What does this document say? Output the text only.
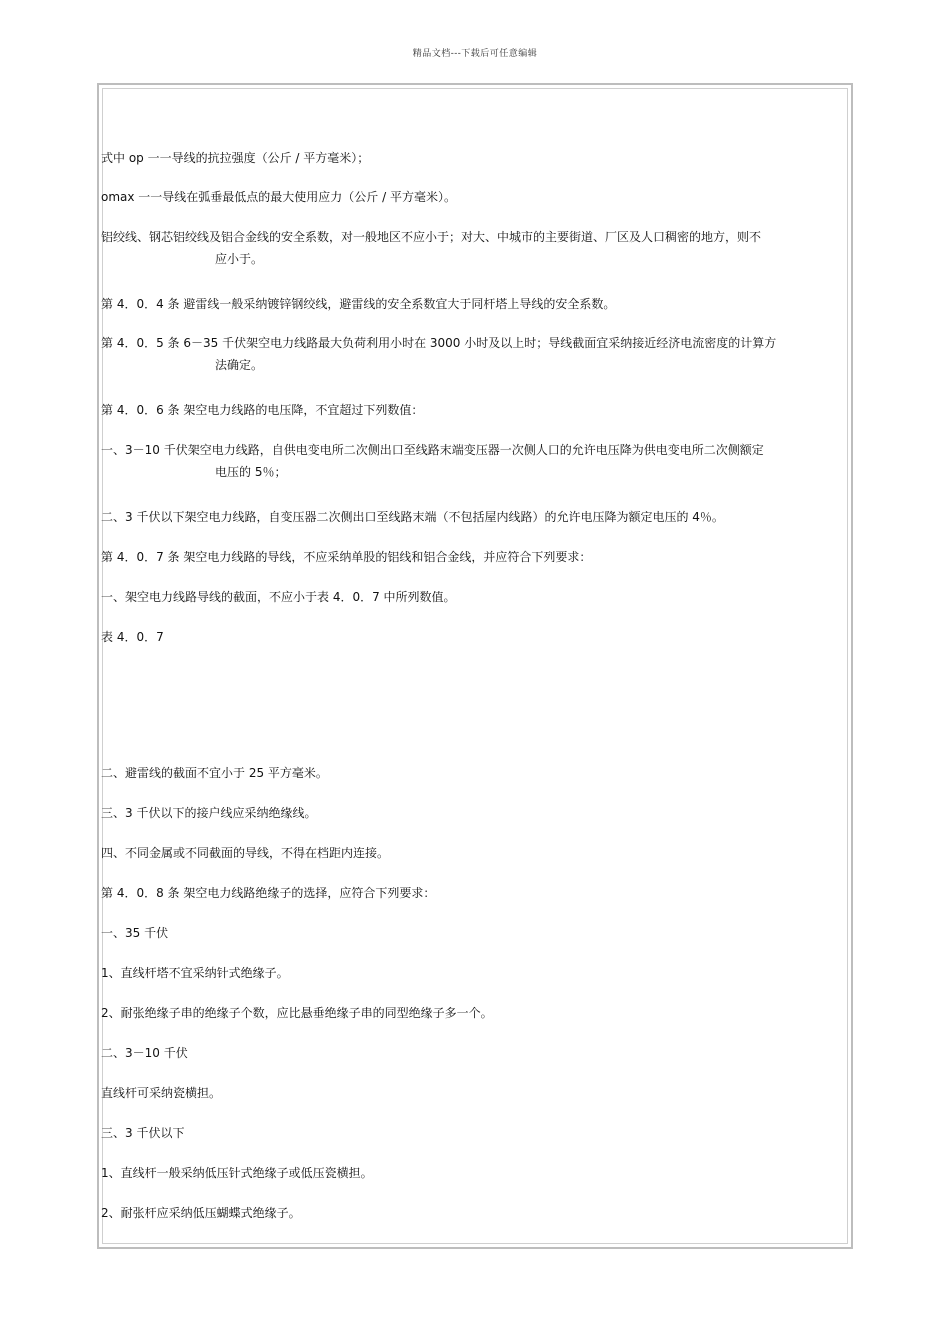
精品文档---下载后可任意编辑
式中 op 一一导线的抗拉强度（公斤 / 平方毫米）；
omax 一一导线在弧垂最低点的最大使用应力（公斤 / 平方毫米）。
铝绞线、钢芯铝绞线及铝合金线的安全系数，对一般地区不应小于；对大、中城市的主要街道、厂区及人口稠密的地方，则不
应小于。
第 4．0．4 条 避雷线一般采纳镀锌钢绞线，避雷线的安全系数宜大于同杆塔上导线的安全系数。
第 4．0．5 条 6－35 千伏架空电力线路最大负荷利用小时在 3000 小时及以上时；导线截面宜采纳接近经济电流密度的计算方
法确定。
第 4．0．6 条 架空电力线路的电压降，不宜超过下列数值：
一、3－10 千伏架空电力线路，自供电变电所二次侧出口至线路末端变压器一次侧人口的允许电压降为供电变电所二次侧额定
电压的 5％；
二、3 千伏以下架空电力线路，自变压器二次侧出口至线路末端（不包括屋内线路）的允许电压降为额定电压的 4％。
第 4．0．7 条 架空电力线路的导线，不应采纳单股的铝线和铝合金线，并应符合下列要求：
一、架空电力线路导线的截面，不应小于表 4．0．7 中所列数值。
表 4．0．7
二、避雷线的截面不宜小于 25 平方毫米。
三、3 千伏以下的接户线应采纳绝缘线。
四、不同金属或不同截面的导线，不得在档距内连接。
第 4．0．8 条 架空电力线路绝缘子的选择，应符合下列要求：
一、35 千伏
1、直线杆塔不宜采纳针式绝缘子。
2、耐张绝缘子串的绝缘子个数，应比悬垂绝缘子串的同型绝缘子多一个。
二、3－10 千伏
直线杆可采纳瓷横担。
三、3 千伏以下
1、直线杆一般采纳低压针式绝缘子或低压瓷横担。
2、耐张杆应采纳低压蝴蝶式绝缘子。
